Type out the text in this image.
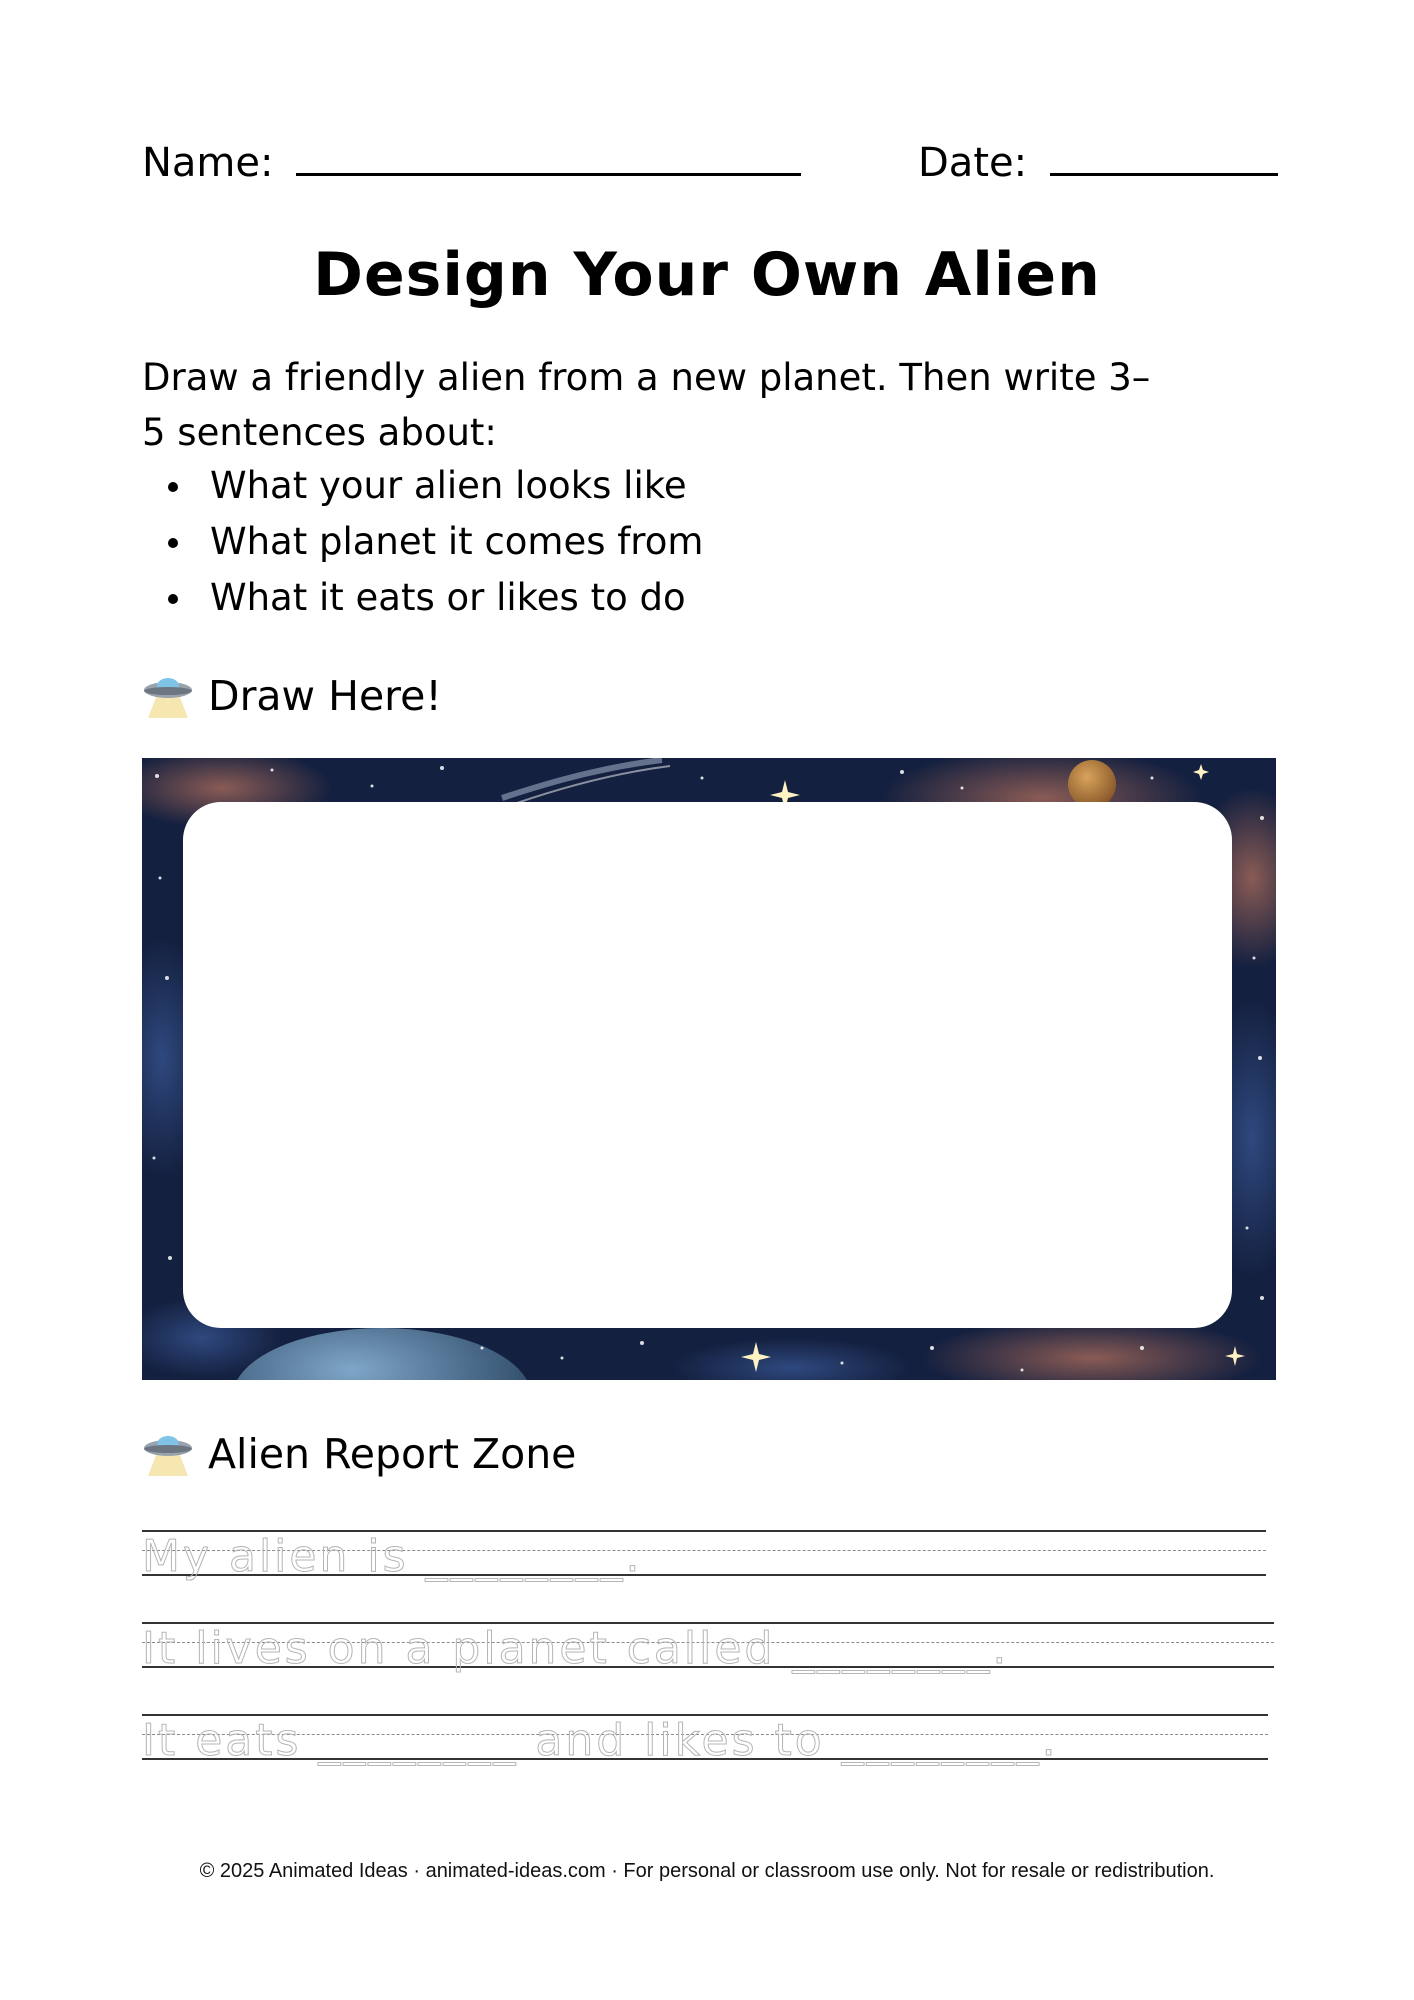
Name:	Date:
Design Your Own Alien
Draw a friendly alien from a new planet. Then write 3–5 sentences about:
What your alien looks like
What planet it comes from
What it eats or likes to do
Draw Here!
Alien Report Zone
My alien is ________.
It lives on a planet called ________.
It eats ________ and likes to ________.
© 2025 Animated Ideas · animated-ideas.com · For personal or classroom use only. Not for resale or redistribution.
